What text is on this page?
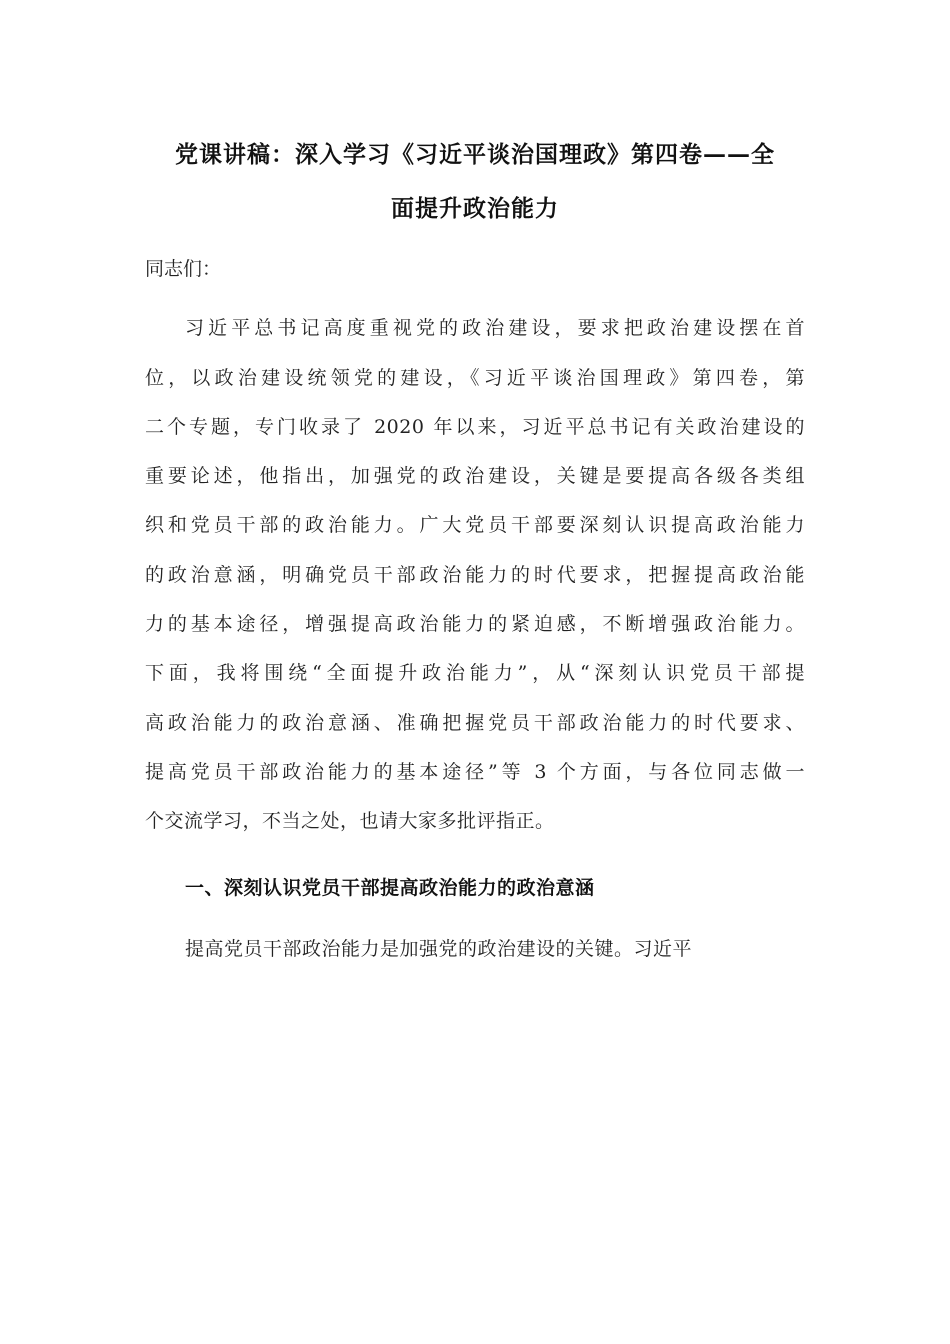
党课讲稿：深入学习《习近平谈治国理政》第四卷——全
面提升政治能力
同志们：
习近平总书记高度重视党的政治建设，要求把政治建设摆在首
位，以政治建设统领党的建设，《习近平谈治国理政》第四卷，第
二个专题，专门收录了 2020 年以来，习近平总书记有关政治建设的
重要论述，他指出，加强党的政治建设，关键是要提高各级各类组
织和党员干部的政治能力。广大党员干部要深刻认识提高政治能力
的政治意涵，明确党员干部政治能力的时代要求，把握提高政治能
力的基本途径，增强提高政治能力的紧迫感，不断增强政治能力。
下面，我将围绕“全面提升政治能力”，从“深刻认识党员干部提
高政治能力的政治意涵、准确把握党员干部政治能力的时代要求、
提高党员干部政治能力的基本途径”等 3 个方面，与各位同志做一
个交流学习，不当之处，也请大家多批评指正。
一、深刻认识党员干部提高政治能力的政治意涵
提高党员干部政治能力是加强党的政治建设的关键。习近平
